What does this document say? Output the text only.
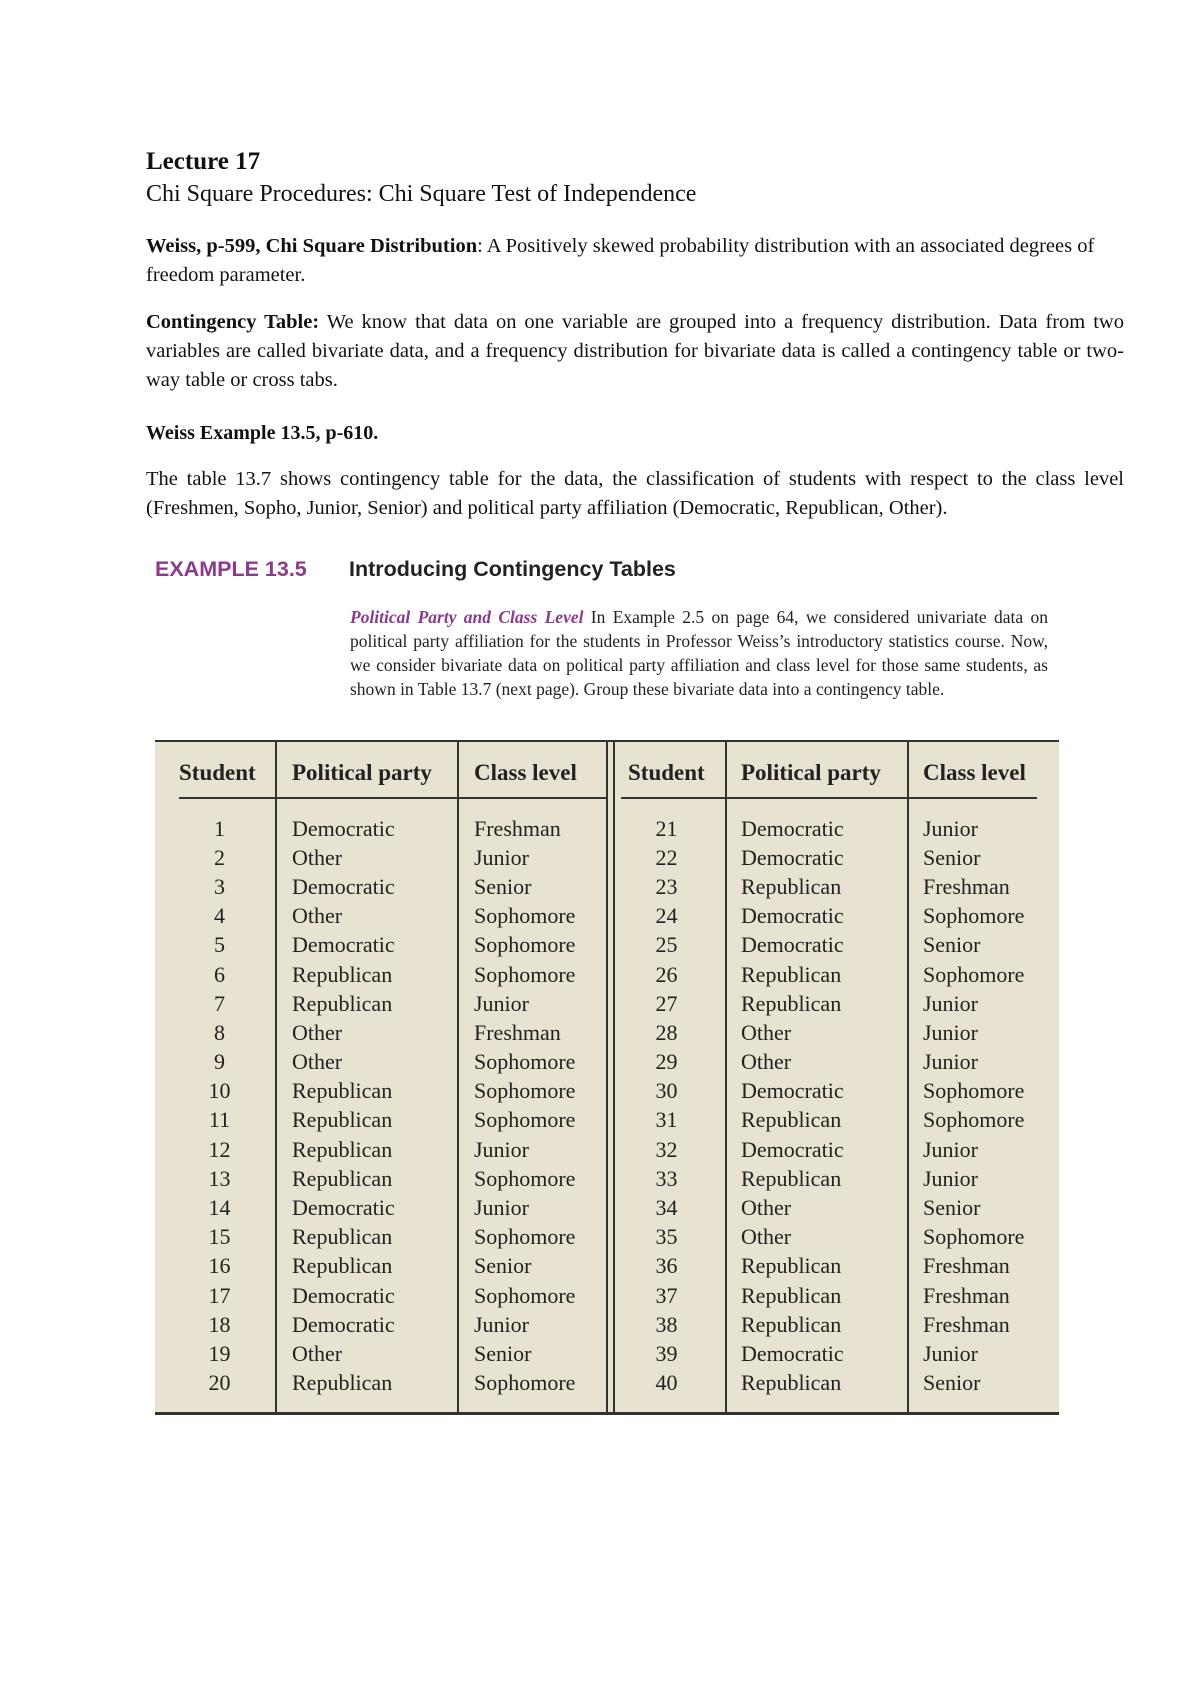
Lecture 17
Chi Square Procedures: Chi Square Test of Independence
Weiss, p-599, Chi Square Distribution: A Positively skewed probability distribution with an associated degrees of freedom parameter.
Contingency Table: We know that data on one variable are grouped into a frequency distribution. Data from two variables are called bivariate data, and a frequency distribution for bivariate data is called a contingency table or two-way table or cross tabs.
Weiss Example 13.5, p-610.
The table 13.7 shows contingency table for the data, the classification of students with respect to the class level (Freshmen, Sopho, Junior, Senior) and political party affiliation (Democratic, Republican, Other).
EXAMPLE 13.5 Introducing Contingency Tables
Political Party and Class Level In Example 2.5 on page 64, we considered univariate data on political party affiliation for the students in Professor Weiss’s introductory statistics course. Now, we consider bivariate data on political party affiliation and class level for those same students, as shown in Table 13.7 (next page). Group these bivariate data into a contingency table.
Student	Political party	Class level	Student	Political party	Class level

1	Democratic	Freshman	21	Democratic	Junior
2	Other	Junior	22	Democratic	Senior
3	Democratic	Senior	23	Republican	Freshman
4	Other	Sophomore	24	Democratic	Sophomore
5	Democratic	Sophomore	25	Democratic	Senior
6	Republican	Sophomore	26	Republican	Sophomore
7	Republican	Junior	27	Republican	Junior
8	Other	Freshman	28	Other	Junior
9	Other	Sophomore	29	Other	Junior
10	Republican	Sophomore	30	Democratic	Sophomore
11	Republican	Sophomore	31	Republican	Sophomore
12	Republican	Junior	32	Democratic	Junior
13	Republican	Sophomore	33	Republican	Junior
14	Democratic	Junior	34	Other	Senior
15	Republican	Sophomore	35	Other	Sophomore
16	Republican	Senior	36	Republican	Freshman
17	Democratic	Sophomore	37	Republican	Freshman
18	Democratic	Junior	38	Republican	Freshman
19	Other	Senior	39	Democratic	Junior
20	Republican	Sophomore	40	Republican	Senior
